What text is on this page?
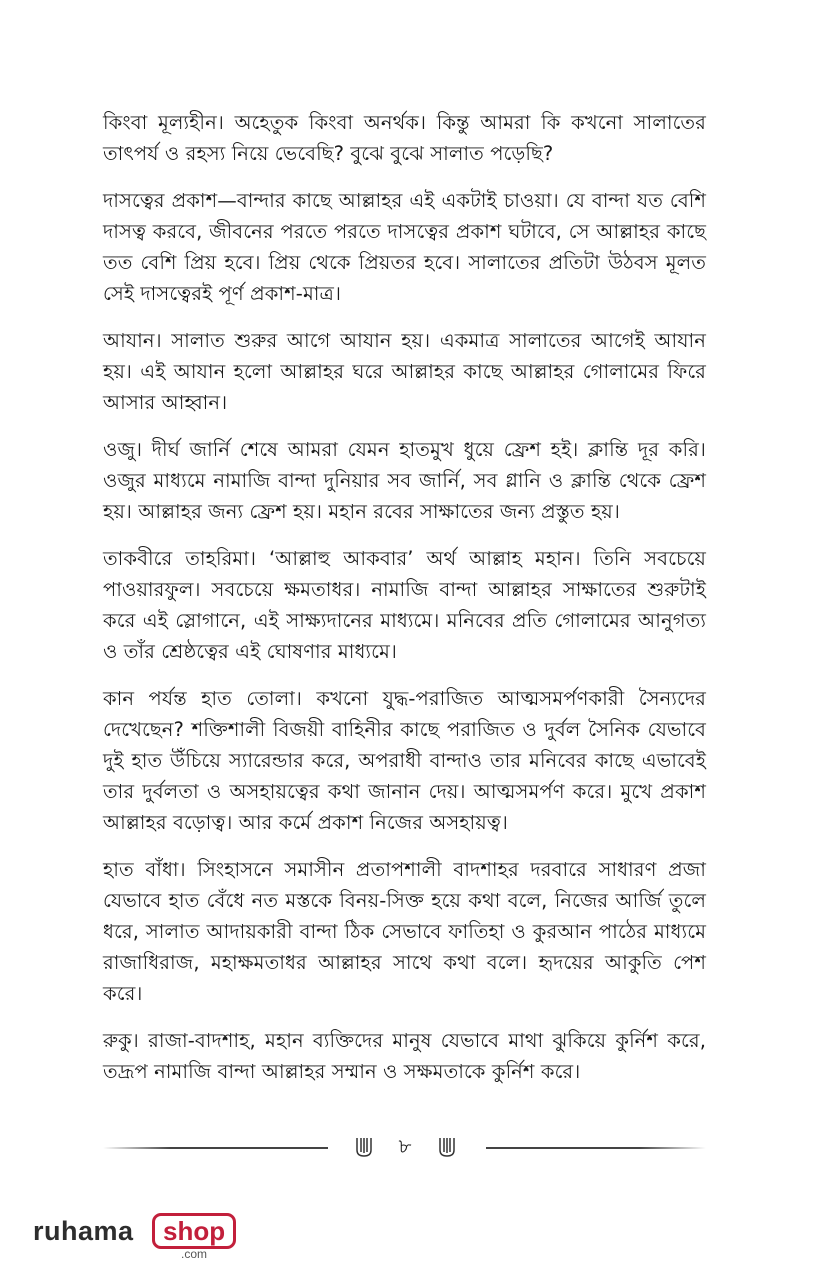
কিংবা মূল্যহীন। অহেতুক কিংবা অনর্থক। কিন্তু আমরা কি কখনো সালাতের তাৎপর্য ও রহস্য নিয়ে ভেবেছি? বুঝে বুঝে সালাত পড়েছি?

দাসত্বের প্রকাশ—বান্দার কাছে আল্লাহর এই একটাই চাওয়া। যে বান্দা যত বেশি দাসত্ব করবে, জীবনের পরতে পরতে দাসত্বের প্রকাশ ঘটাবে, সে আল্লাহর কাছে তত বেশি প্রিয় হবে। প্রিয় থেকে প্রিয়তর হবে। সালাতের প্রতিটা উঠবস মূলত সেই দাসত্বেরই পূর্ণ প্রকাশ-মাত্র।

আযান। সালাত শুরুর আগে আযান হয়। একমাত্র সালাতের আগেই আযান হয়। এই আযান হলো আল্লাহর ঘরে আল্লাহর কাছে আল্লাহর গোলামের ফিরে আসার আহ্বান।

ওজু। দীর্ঘ জার্নি শেষে আমরা যেমন হাতমুখ ধুয়ে ফ্রেশ হই। ক্লান্তি দূর করি। ওজুর মাধ্যমে নামাজি বান্দা দুনিয়ার সব জার্নি, সব গ্লানি ও ক্লান্তি থেকে ফ্রেশ হয়। আল্লাহর জন্য ফ্রেশ হয়। মহান রবের সাক্ষাতের জন্য প্রস্তুত হয়।

তাকবীরে তাহরিমা। ‘আল্লাহু আকবার’ অর্থ আল্লাহ মহান। তিনি সবচেয়ে পাওয়ারফুল। সবচেয়ে ক্ষমতাধর। নামাজি বান্দা আল্লাহর সাক্ষাতের শুরুটাই করে এই স্লোগানে, এই সাক্ষ্যদানের মাধ্যমে। মনিবের প্রতি গোলামের আনুগত্য ও তাঁর শ্রেষ্ঠত্বের এই ঘোষণার মাধ্যমে।

কান পর্যন্ত হাত তোলা। কখনো যুদ্ধ-পরাজিত আত্মসমর্পণকারী সৈন্যদের দেখেছেন? শক্তিশালী বিজয়ী বাহিনীর কাছে পরাজিত ও দুর্বল সৈনিক যেভাবে দুই হাত উঁচিয়ে স্যারেন্ডার করে, অপরাধী বান্দাও তার মনিবের কাছে এভাবেই তার দুর্বলতা ও অসহায়ত্বের কথা জানান দেয়। আত্মসমর্পণ করে। মুখে প্রকাশ আল্লাহর বড়োত্ব। আর কর্মে প্রকাশ নিজের অসহায়ত্ব।

হাত বাঁধা। সিংহাসনে সমাসীন প্রতাপশালী বাদশাহর দরবারে সাধারণ প্রজা যেভাবে হাত বেঁধে নত মস্তকে বিনয়-সিক্ত হয়ে কথা বলে, নিজের আর্জি তুলে ধরে, সালাত আদায়কারী বান্দা ঠিক সেভাবে ফাতিহা ও কুরআন পাঠের মাধ্যমে রাজাধিরাজ, মহাক্ষমতাধর আল্লাহর সাথে কথা বলে। হৃদয়ের আকুতি পেশ করে।

রুকু। রাজা-বাদশাহ, মহান ব্যক্তিদের মানুষ যেভাবে মাথা ঝুকিয়ে কুর্নিশ করে, তদ্রূপ নামাজি বান্দা আল্লাহর সম্মান ও সক্ষমতাকে কুর্নিশ করে।

৮
ruhama	shop
.com
